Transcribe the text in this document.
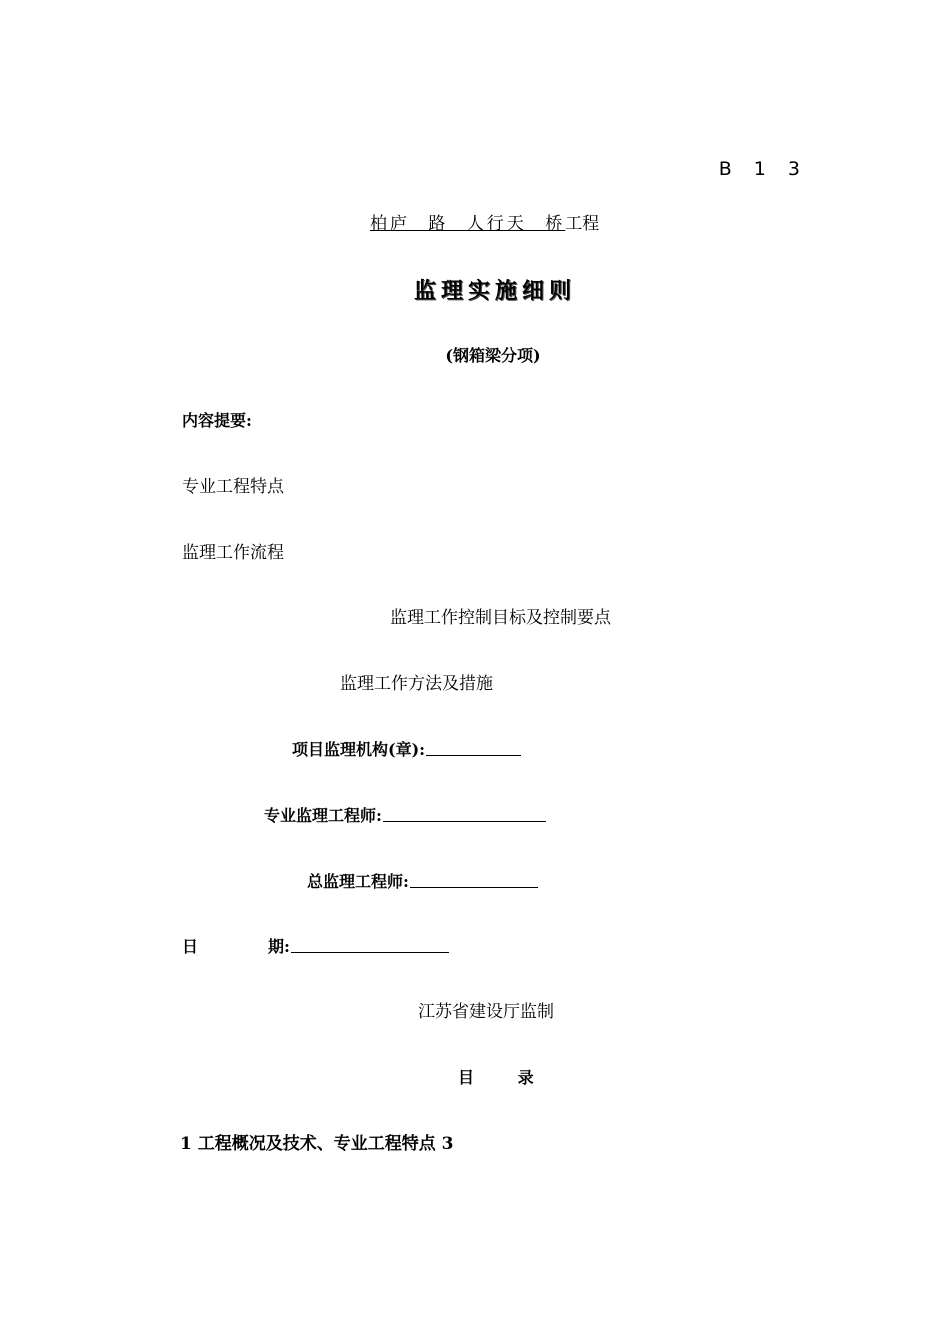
B 1 3
柏庐 路 人行天 桥工程
监理实施细则
(钢箱梁分项)
内容提要:
专业工程特点
监理工作流程
监理工作控制目标及控制要点
监理工作方法及措施
项目监理机构(章):
专业监理工程师:
总监理工程师:
日	期:
江苏省建设厅监制
目 录
1 工程概况及技术、专业工程特点 3
